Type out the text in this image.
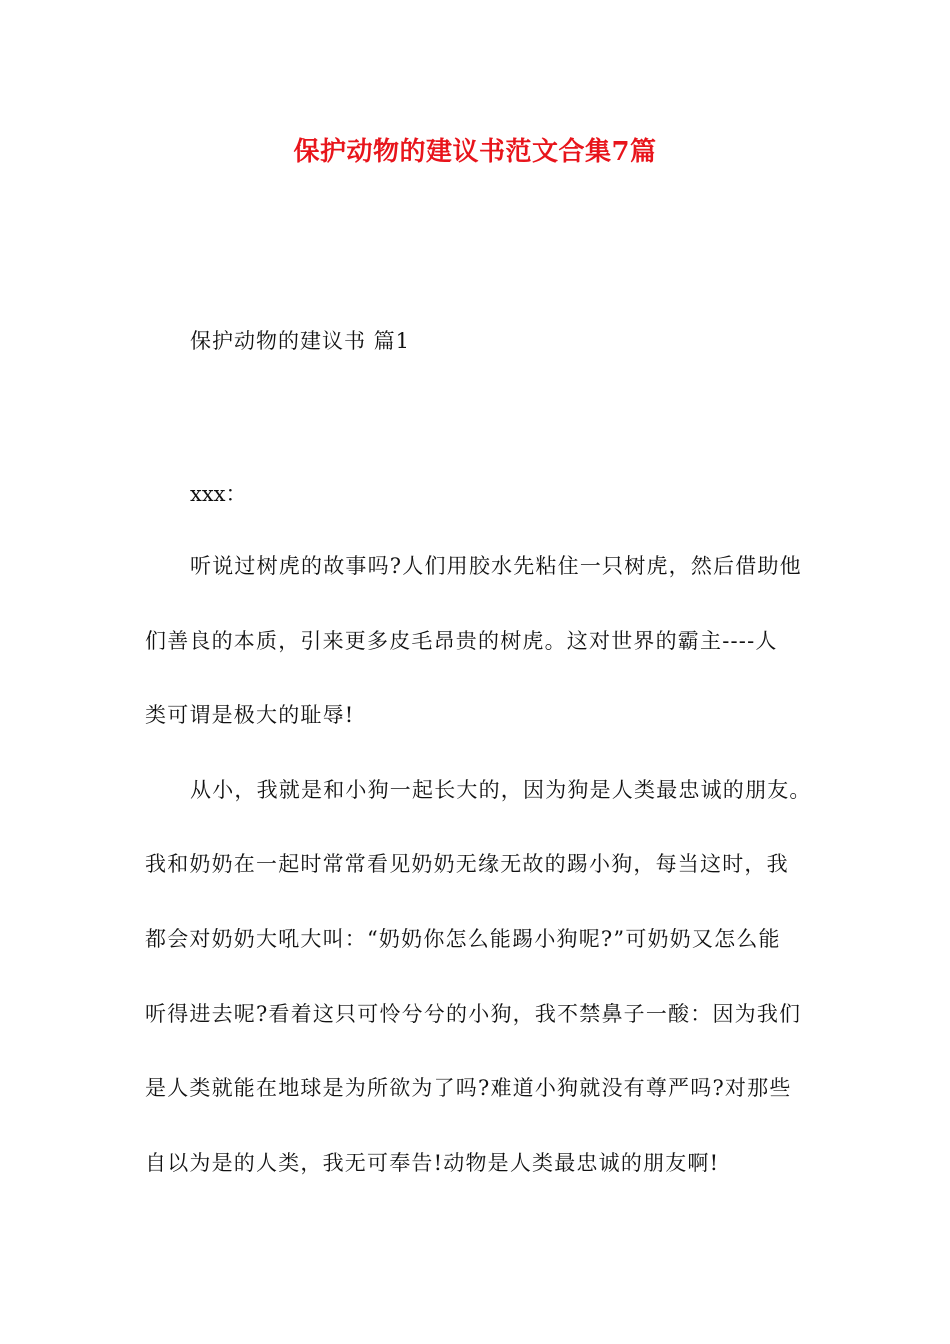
保护动物的建议书范文合集7篇
保护动物的建议书 篇1
xxx：
听说过树虎的故事吗?人们用胶水先粘住一只树虎，然后借助他
们善良的本质，引来更多皮毛昂贵的树虎。这对世界的霸主----人
类可谓是极大的耻辱!
从小，我就是和小狗一起长大的，因为狗是人类最忠诚的朋友。
我和奶奶在一起时常常看见奶奶无缘无故的踢小狗，每当这时，我
都会对奶奶大吼大叫：“奶奶你怎么能踢小狗呢?”可奶奶又怎么能
听得进去呢?看着这只可怜兮兮的小狗，我不禁鼻子一酸：因为我们
是人类就能在地球是为所欲为了吗?难道小狗就没有尊严吗?对那些
自以为是的人类，我无可奉告!动物是人类最忠诚的朋友啊!
